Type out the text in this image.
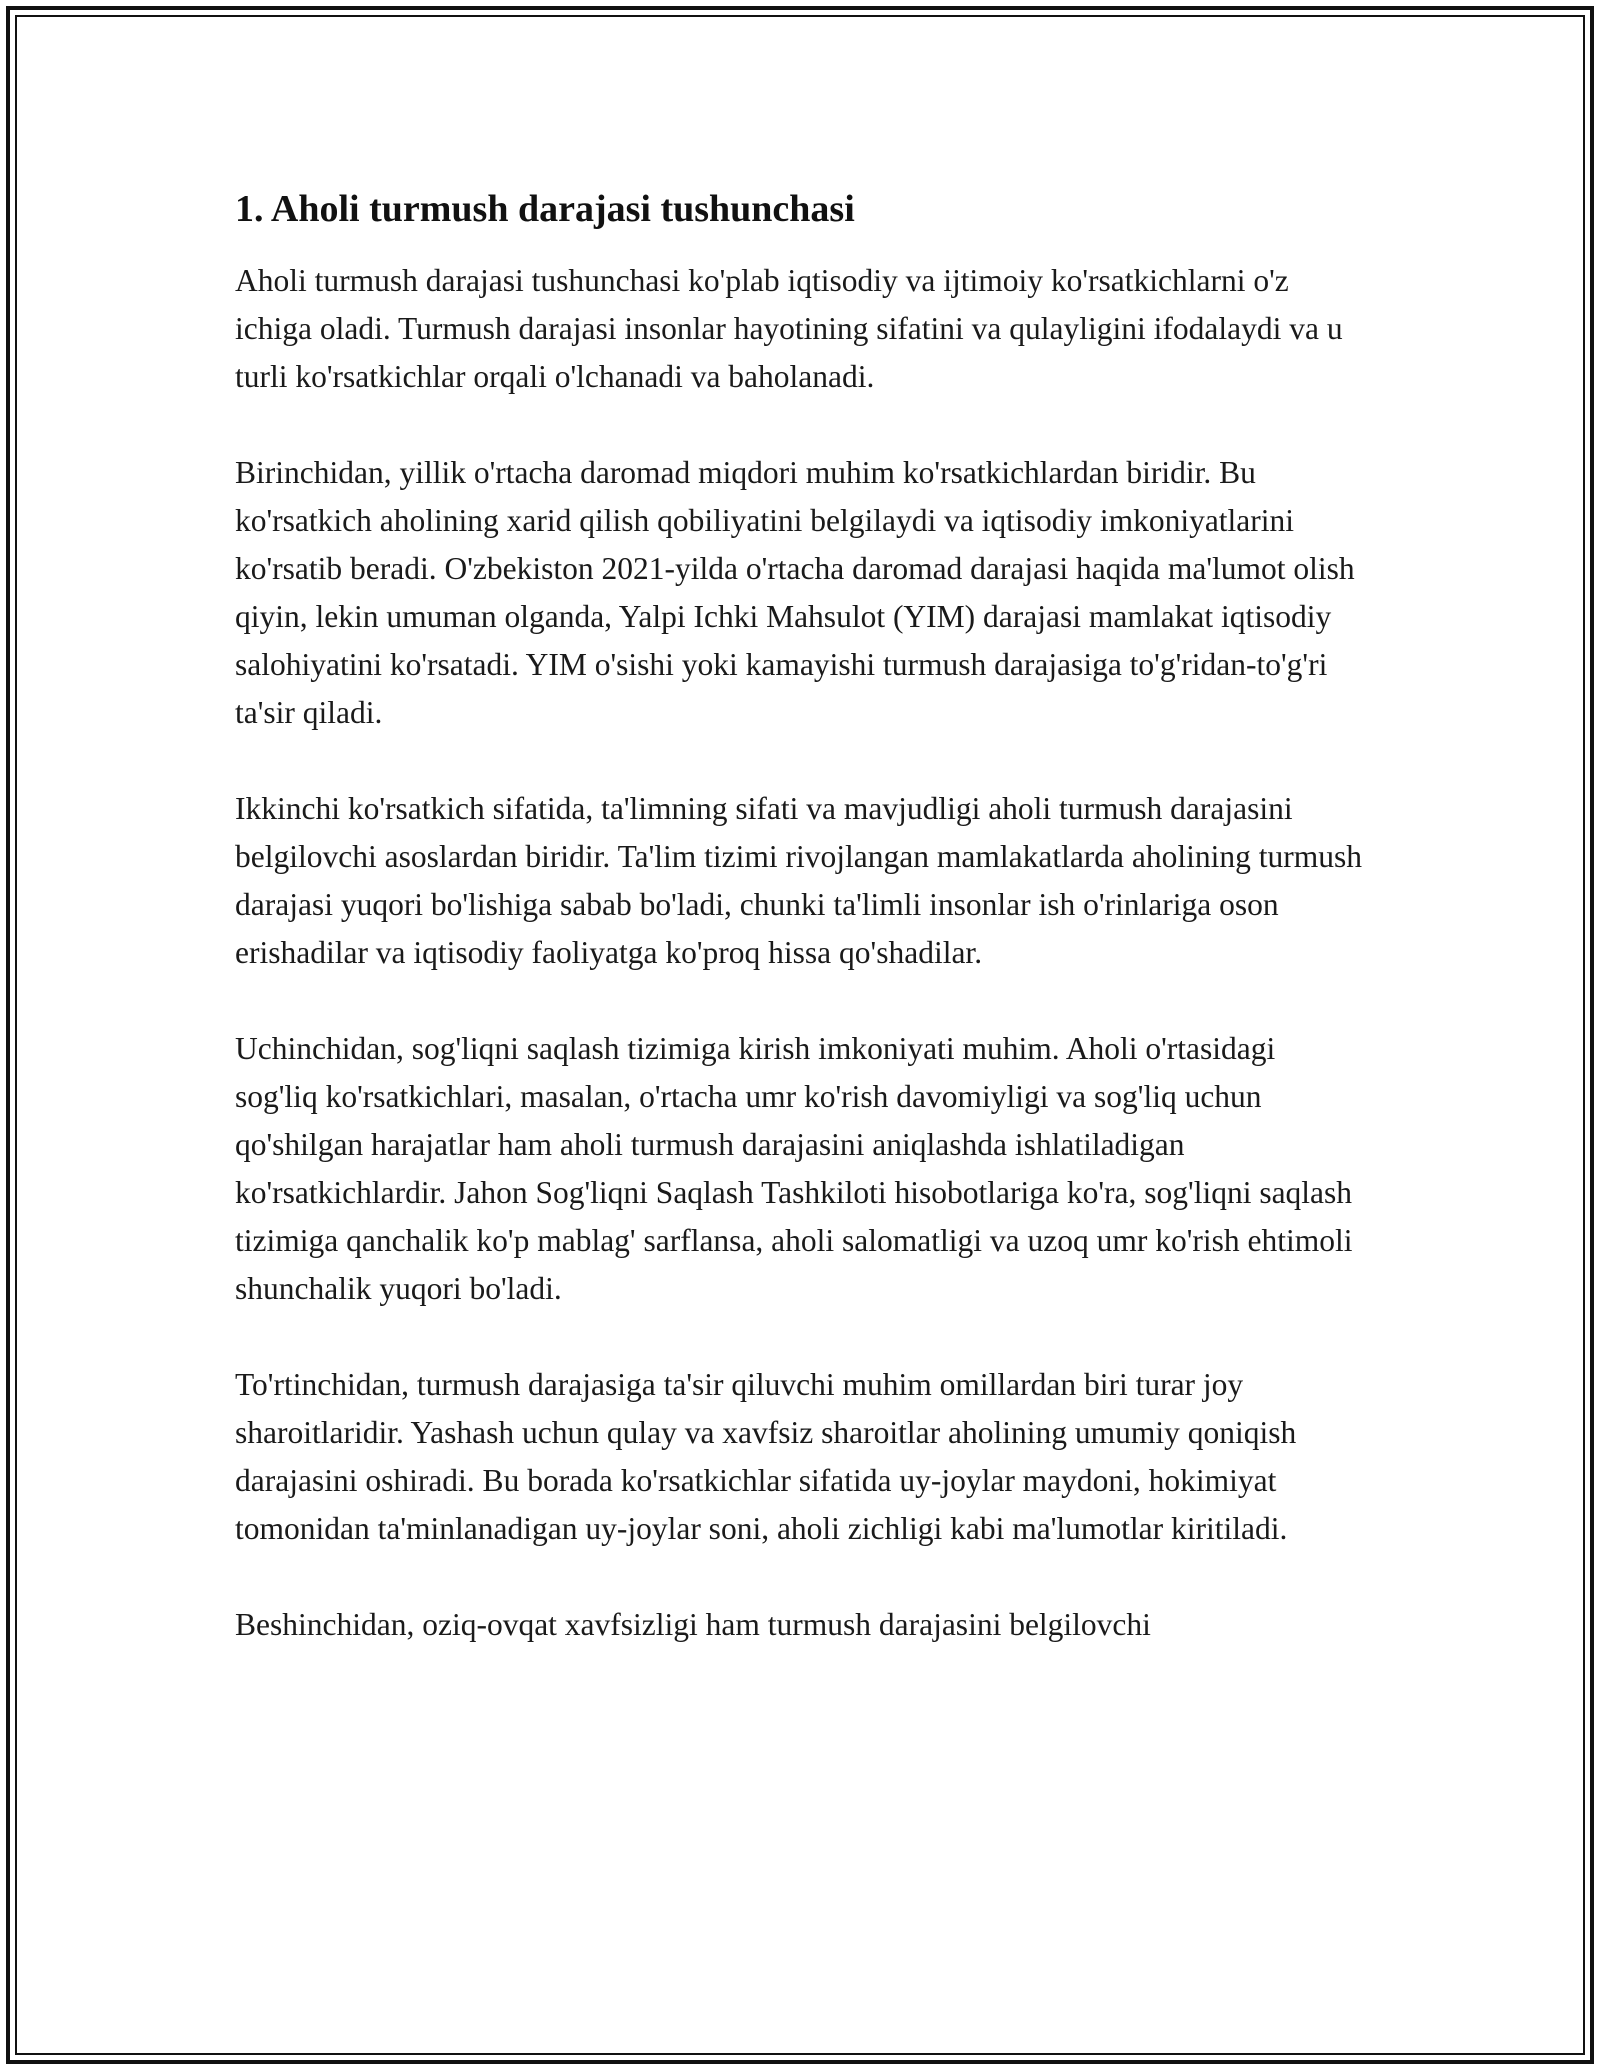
1. Aholi turmush darajasi tushunchasi

Aholi turmush darajasi tushunchasi ko'plab iqtisodiy va ijtimoiy ko'rsatkichlarni o'z ichiga oladi. Turmush darajasi insonlar hayotining sifatini va qulayligini ifodalaydi va u turli ko'rsatkichlar orqali o'lchanadi va baholanadi.

Birinchidan, yillik o'rtacha daromad miqdori muhim ko'rsatkichlardan biridir. Bu ko'rsatkich aholining xarid qilish qobiliyatini belgilaydi va iqtisodiy imkoniyatlarini ko'rsatib beradi. O'zbekiston 2021-yilda o'rtacha daromad darajasi haqida ma'lumot olish qiyin, lekin umuman olganda, Yalpi Ichki Mahsulot (YIM) darajasi mamlakat iqtisodiy salohiyatini ko'rsatadi. YIM o'sishi yoki kamayishi turmush darajasiga to'g'ridan-to'g'ri ta'sir qiladi.

Ikkinchi ko'rsatkich sifatida, ta'limning sifati va mavjudligi aholi turmush darajasini belgilovchi asoslardan biridir. Ta'lim tizimi rivojlangan mamlakatlarda aholining turmush darajasi yuqori bo'lishiga sabab bo'ladi, chunki ta'limli insonlar ish o'rinlariga oson erishadilar va iqtisodiy faoliyatga ko'proq hissa qo'shadilar.

Uchinchidan, sog'liqni saqlash tizimiga kirish imkoniyati muhim. Aholi o'rtasidagi sog'liq ko'rsatkichlari, masalan, o'rtacha umr ko'rish davomiyligi va sog'liq uchun qo'shilgan harajatlar ham aholi turmush darajasini aniqlashda ishlatiladigan ko'rsatkichlardir. Jahon Sog'liqni Saqlash Tashkiloti hisobotlariga ko'ra, sog'liqni saqlash tizimiga qanchalik ko'p mablag' sarflansa, aholi salomatligi va uzoq umr ko'rish ehtimoli shunchalik yuqori bo'ladi.

To'rtinchidan, turmush darajasiga ta'sir qiluvchi muhim omillardan biri turar joy sharoitlaridir. Yashash uchun qulay va xavfsiz sharoitlar aholining umumiy qoniqish darajasini oshiradi. Bu borada ko'rsatkichlar sifatida uy-joylar maydoni, hokimiyat tomonidan ta'minlanadigan uy-joylar soni, aholi zichligi kabi ma'lumotlar kiritiladi.

Beshinchidan, oziq-ovqat xavfsizligi ham turmush darajasini belgilovchi
